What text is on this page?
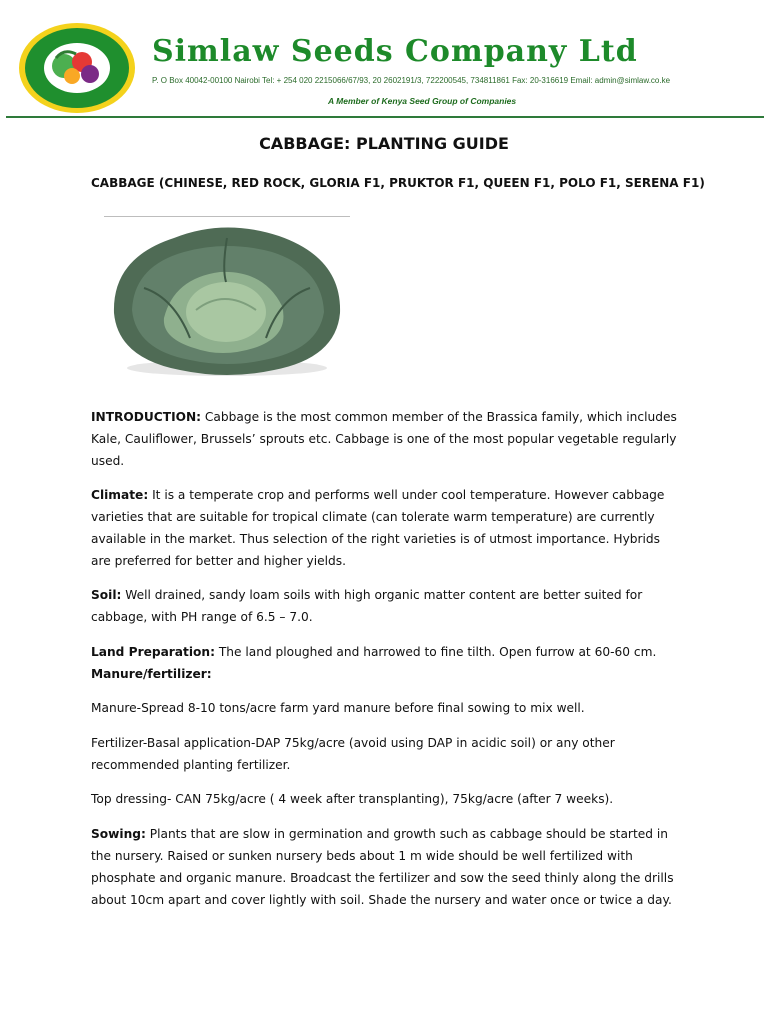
Simlaw Seeds Company Ltd

P. O Box 40042-00100 Nairobi Tel: + 254 020 2215066/67/93, 20 2602191/3, 722200545, 734811861 Fax: 20-316619 Email: admin@simlaw.co.ke

A Member of Kenya Seed Group of Companies

CABBAGE: PLANTING GUIDE

CABBAGE (CHINESE, RED ROCK, GLORIA F1, PRUKTOR F1, QUEEN F1, POLO F1, SERENA F1)

INTRODUCTION: Cabbage is the most common member of the Brassica family, which includes Kale, Cauliflower, Brussels’ sprouts etc. Cabbage is one of the most popular vegetable regularly used.

Climate: It is a temperate crop and performs well under cool temperature. However cabbage varieties that are suitable for tropical climate (can tolerate warm temperature) are currently available in the market. Thus selection of the right varieties is of utmost importance. Hybrids are preferred for better and higher yields.

Soil: Well drained, sandy loam soils with high organic matter content are better suited for cabbage, with PH range of 6.5 – 7.0.

Land Preparation: The land ploughed and harrowed to fine tilth. Open furrow at 60-60 cm.
Manure/fertilizer:

Manure-Spread 8-10 tons/acre farm yard manure before final sowing to mix well.

Fertilizer-Basal application-DAP 75kg/acre (avoid using DAP in acidic soil) or any other recommended planting fertilizer.

Top dressing- CAN 75kg/acre ( 4 week after transplanting), 75kg/acre (after 7 weeks).

Sowing: Plants that are slow in germination and growth such as cabbage should be started in the nursery. Raised or sunken nursery beds about 1 m wide should be well fertilized with phosphate and organic manure. Broadcast the fertilizer and sow the seed thinly along the drills about 10cm apart and cover lightly with soil. Shade the nursery and water once or twice a day.
